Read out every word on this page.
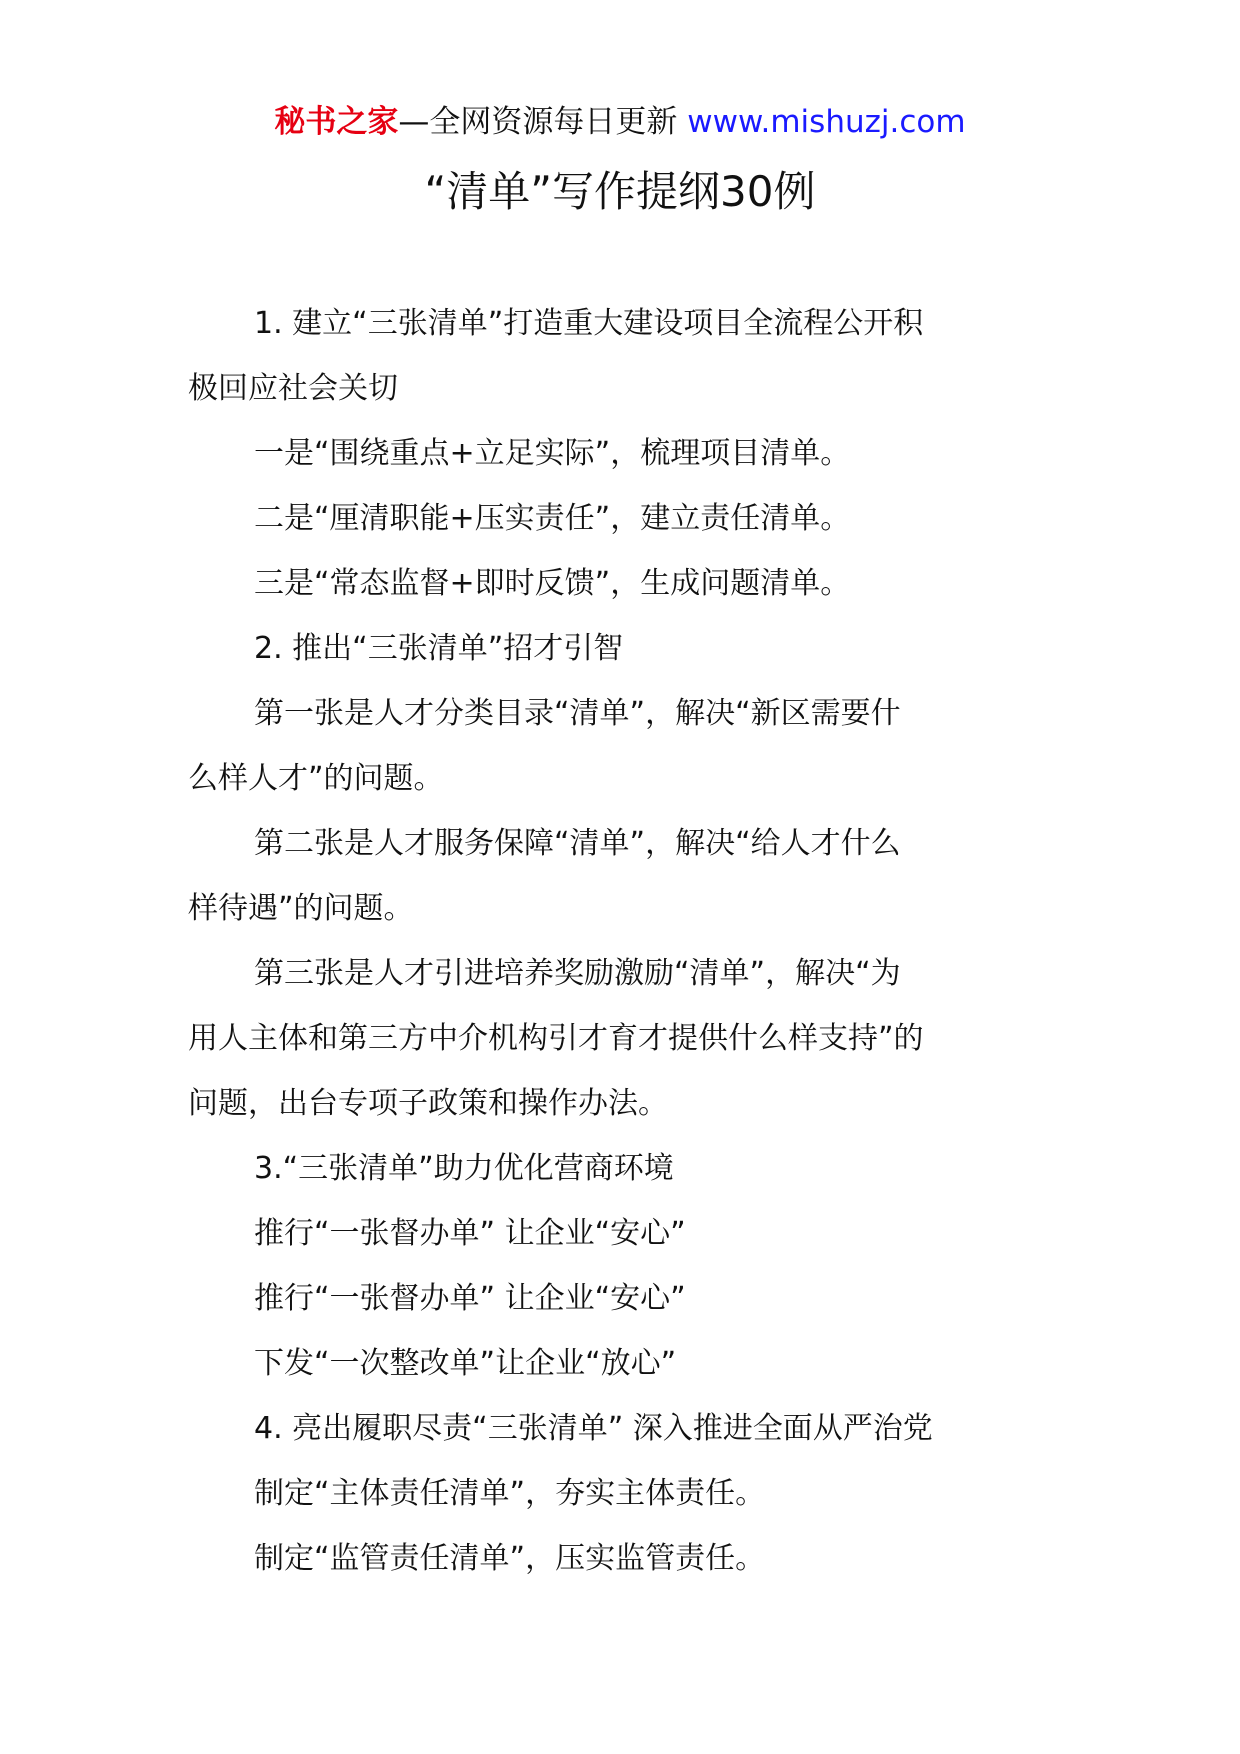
秘书之家—全网资源每日更新 www.mishuzj.com
“清单”写作提纲30例

1. 建立“三张清单”打造重大建设项目全流程公开积

极回应社会关切

一是“围绕重点+立足实际”，梳理项目清单。

二是“厘清职能+压实责任”，建立责任清单。

三是“常态监督+即时反馈”，生成问题清单。

2. 推出“三张清单”招才引智

第一张是人才分类目录“清单”，解决“新区需要什

么样人才”的问题。

第二张是人才服务保障“清单”，解决“给人才什么

样待遇”的问题。

第三张是人才引进培养奖励激励“清单”，解决“为

用人主体和第三方中介机构引才育才提供什么样支持”的

问题，出台专项子政策和操作办法。

3.“三张清单”助力优化营商环境

推行“一张督办单” 让企业“安心”

推行“一张督办单” 让企业“安心”

下发“一次整改单”让企业“放心”

4. 亮出履职尽责“三张清单” 深入推进全面从严治党

制定“主体责任清单”，夯实主体责任。

制定“监管责任清单”，压实监管责任。
